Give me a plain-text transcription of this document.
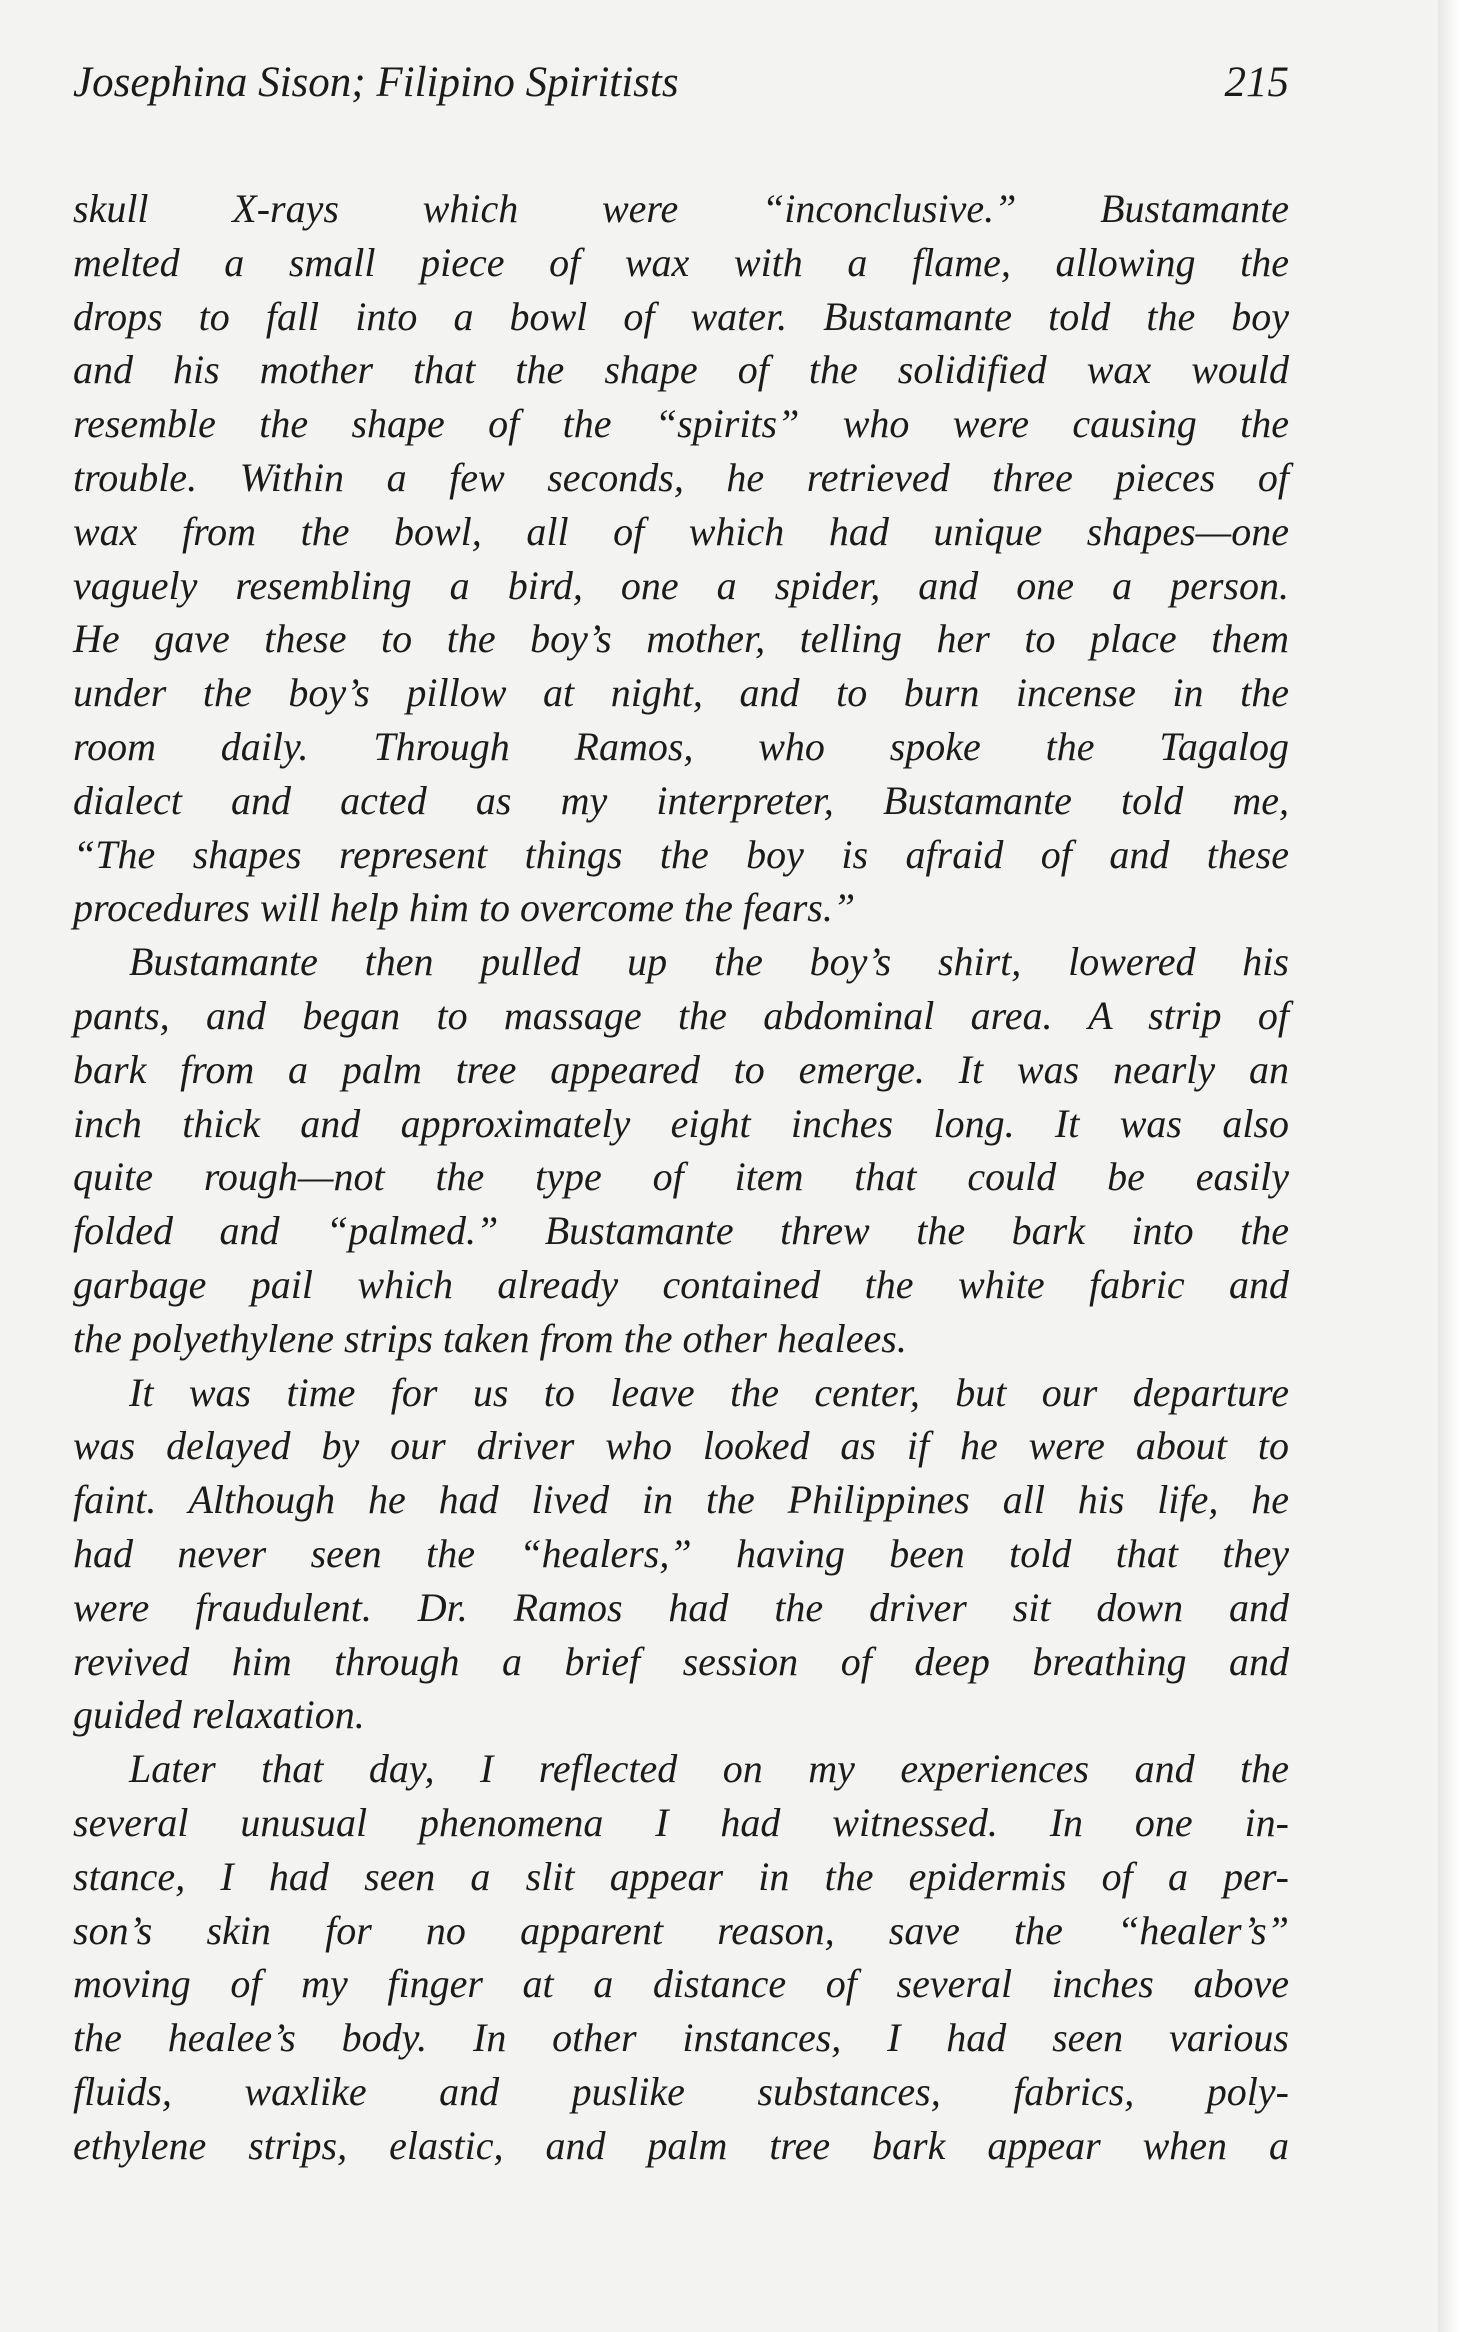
Josephina Sison; Filipino Spiritists	215
skull X-rays which were “inconclusive.” Bustamante
melted a small piece of wax with a flame, allowing the
drops to fall into a bowl of water. Bustamante told the boy
and his mother that the shape of the solidified wax would
resemble the shape of the “spirits” who were causing the
trouble. Within a few seconds, he retrieved three pieces of
wax from the bowl, all of which had unique shapes—one
vaguely resembling a bird, one a spider, and one a person.
He gave these to the boy’s mother, telling her to place them
under the boy’s pillow at night, and to burn incense in the
room daily. Through Ramos, who spoke the Tagalog
dialect and acted as my interpreter, Bustamante told me,
“The shapes represent things the boy is afraid of and these
procedures will help him to overcome the fears.”
Bustamante then pulled up the boy’s shirt, lowered his
pants, and began to massage the abdominal area. A strip of
bark from a palm tree appeared to emerge. It was nearly an
inch thick and approximately eight inches long. It was also
quite rough—not the type of item that could be easily
folded and “palmed.” Bustamante threw the bark into the
garbage pail which already contained the white fabric and
the polyethylene strips taken from the other healees.
It was time for us to leave the center, but our departure
was delayed by our driver who looked as if he were about to
faint. Although he had lived in the Philippines all his life, he
had never seen the “healers,” having been told that they
were fraudulent. Dr. Ramos had the driver sit down and
revived him through a brief session of deep breathing and
guided relaxation.
Later that day, I reflected on my experiences and the
several unusual phenomena I had witnessed. In one in-
stance, I had seen a slit appear in the epidermis of a per-
son’s skin for no apparent reason, save the “healer’s”
moving of my finger at a distance of several inches above
the healee’s body. In other instances, I had seen various
fluids, waxlike and puslike substances, fabrics, poly-
ethylene strips, elastic, and palm tree bark appear when a
